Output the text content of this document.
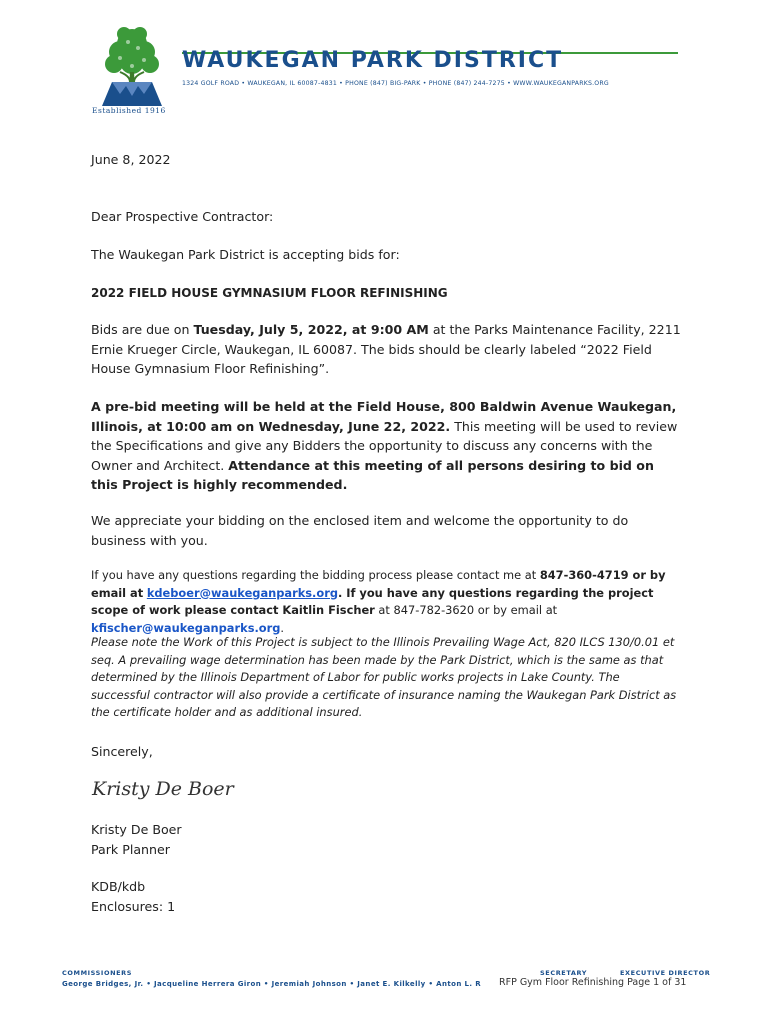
Established 1916
WAUKEGAN PARK DISTRICT
1324 GOLF ROAD • WAUKEGAN, IL 60087-4831 • PHONE (847) BIG-PARK • PHONE (847) 244-7275 • WWW.WAUKEGANPARKS.ORG
June 8, 2022
Dear Prospective Contractor:
The Waukegan Park District is accepting bids for:
2022 FIELD HOUSE GYMNASIUM FLOOR REFINISHING
Bids are due on Tuesday, July 5, 2022, at 9:00 AM at the Parks Maintenance Facility, 2211 Ernie Krueger Circle, Waukegan, IL 60087. The bids should be clearly labeled “2022 Field House Gymnasium Floor Refinishing”.
A pre-bid meeting will be held at the Field House, 800 Baldwin Avenue Waukegan, Illinois, at 10:00 am on Wednesday, June 22, 2022. This meeting will be used to review the Specifications and give any Bidders the opportunity to discuss any concerns with the Owner and Architect. Attendance at this meeting of all persons desiring to bid on this Project is highly recommended.
We appreciate your bidding on the enclosed item and welcome the opportunity to do business with you.
If you have any questions regarding the bidding process please contact me at 847-360-4719 or by email at kdeboer@waukeganparks.org. If you have any questions regarding the project scope of work please contact Kaitlin Fischer at 847-782-3620 or by email at kfischer@waukeganparks.org.
Please note the Work of this Project is subject to the Illinois Prevailing Wage Act, 820 ILCS 130/0.01 et seq. A prevailing wage determination has been made by the Park District, which is the same as that determined by the Illinois Department of Labor for public works projects in Lake County. The successful contractor will also provide a certificate of insurance naming the Waukegan Park District as the certificate holder and as additional insured.
Sincerely,
Kristy De Boer
Kristy De Boer
Park Planner
KDB/kdb
Enclosures: 1
COMMISSIONERS	SECRETARY	EXECUTIVE DIRECTOR
George Bridges, Jr. • Jacqueline Herrera Giron • Jeremiah Johnson • Janet E. Kilkelly • Anton L. R RFP Gym Floor Refinishing Page 1 of 31
